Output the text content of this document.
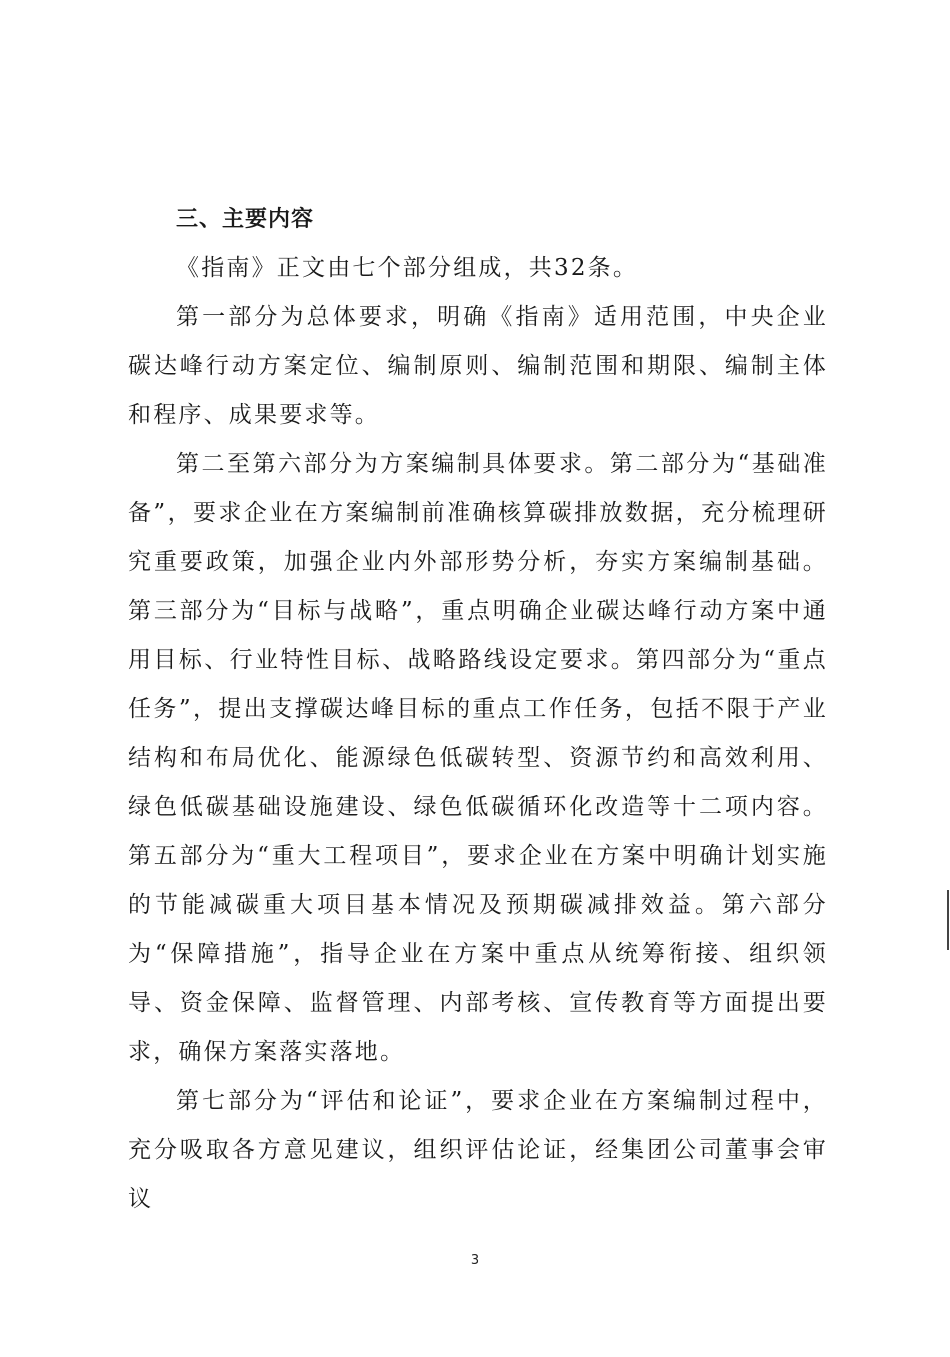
三、主要内容

《指南》正文由七个部分组成，共32条。

第一部分为总体要求，明确《指南》适用范围，中央企业碳达峰行动方案定位、编制原则、编制范围和期限、编制主体和程序、成果要求等。

第二至第六部分为方案编制具体要求。第二部分为“基础准备”，要求企业在方案编制前准确核算碳排放数据，充分梳理研究重要政策，加强企业内外部形势分析，夯实方案编制基础。第三部分为“目标与战略”，重点明确企业碳达峰行动方案中通用目标、行业特性目标、战略路线设定要求。第四部分为“重点任务”，提出支撑碳达峰目标的重点工作任务，包括不限于产业结构和布局优化、能源绿色低碳转型、资源节约和高效利用、绿色低碳基础设施建设、绿色低碳循环化改造等十二项内容。第五部分为“重大工程项目”，要求企业在方案中明确计划实施的节能减碳重大项目基本情况及预期碳减排效益。第六部分为“保障措施”，指导企业在方案中重点从统筹衔接、组织领导、资金保障、监督管理、内部考核、宣传教育等方面提出要求，确保方案落实落地。

第七部分为“评估和论证”，要求企业在方案编制过程中，充分吸取各方意见建议，组织评估论证，经集团公司董事会审议

3
